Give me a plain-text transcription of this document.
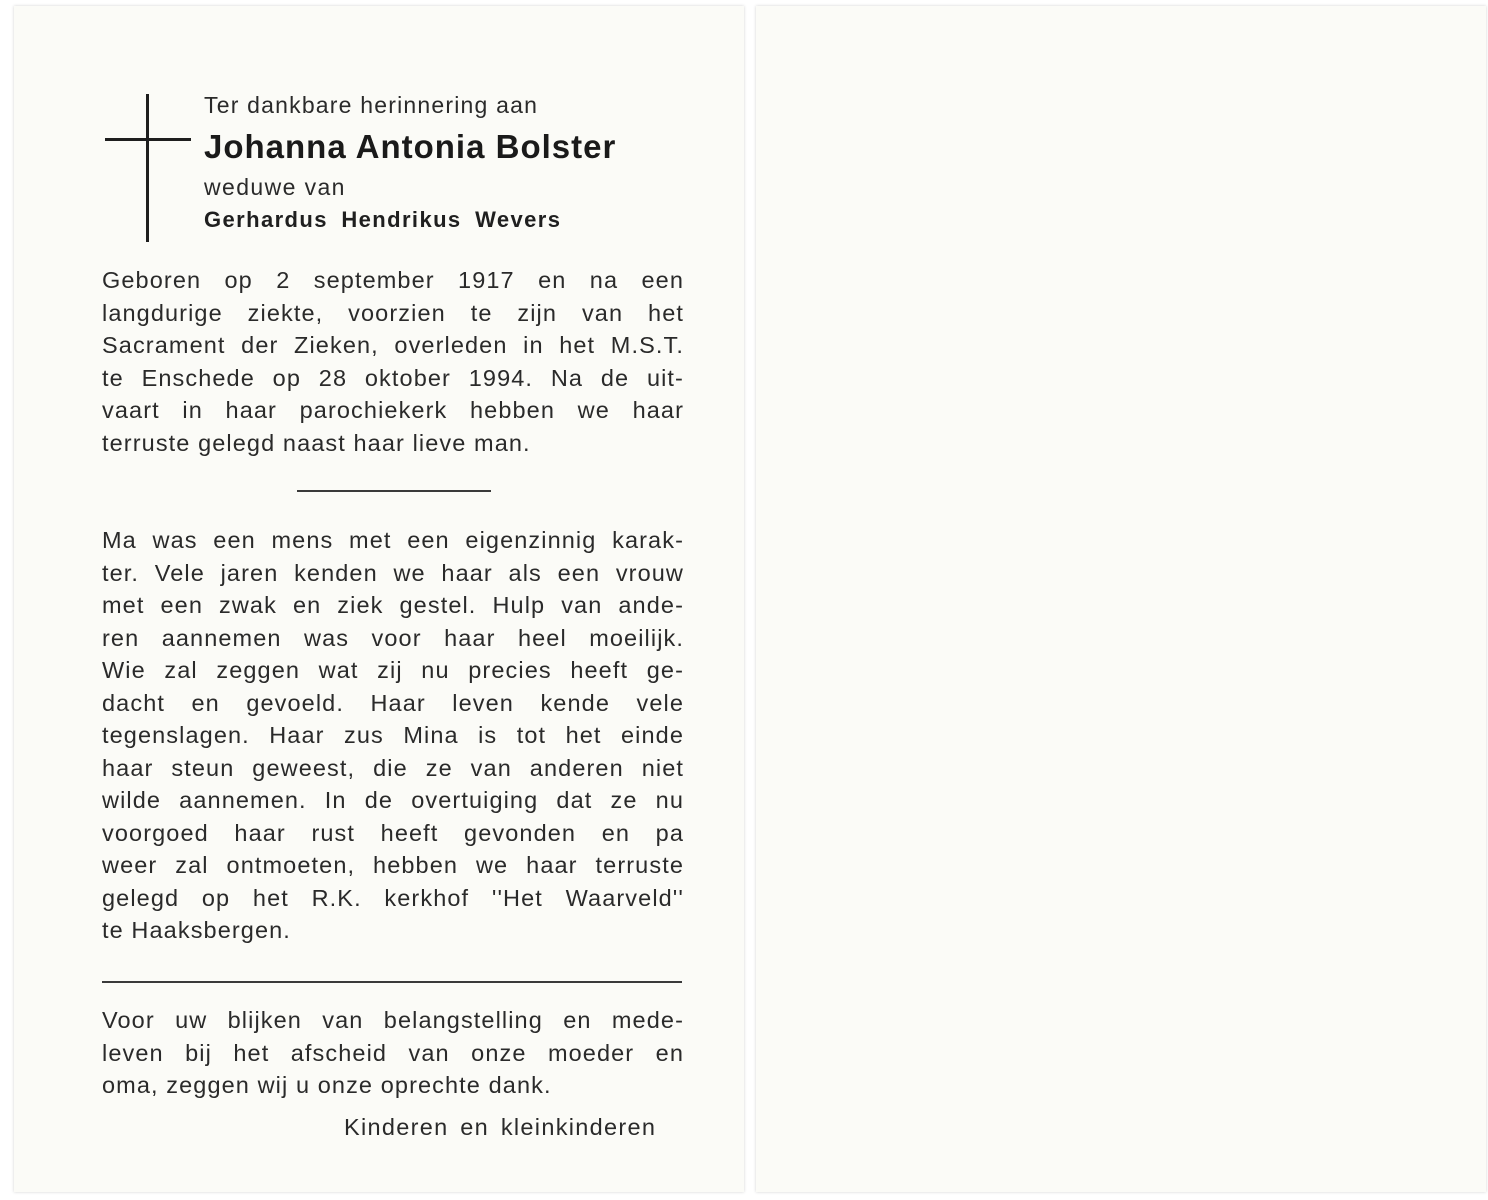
Ter dankbare herinnering aan
Johanna Antonia Bolster
weduwe van
Gerhardus Hendrikus Wevers
Geboren op 2 september 1917 en na een
langdurige ziekte, voorzien te zijn van het
Sacrament der Zieken, overleden in het M.S.T.
te Enschede op 28 oktober 1994. Na de uit-
vaart in haar parochiekerk hebben we haar
terruste gelegd naast haar lieve man.
Ma was een mens met een eigenzinnig karak-
ter. Vele jaren kenden we haar als een vrouw
met een zwak en ziek gestel. Hulp van ande-
ren aannemen was voor haar heel moeilijk.
Wie zal zeggen wat zij nu precies heeft ge-
dacht en gevoeld. Haar leven kende vele
tegenslagen. Haar zus Mina is tot het einde
haar steun geweest, die ze van anderen niet
wilde aannemen. In de overtuiging dat ze nu
voorgoed haar rust heeft gevonden en pa
weer zal ontmoeten, hebben we haar terruste
gelegd op het R.K. kerkhof ''Het Waarveld''
te Haaksbergen.
Voor uw blijken van belangstelling en mede-
leven bij het afscheid van onze moeder en
oma, zeggen wij u onze oprechte dank.
Kinderen en kleinkinderen
